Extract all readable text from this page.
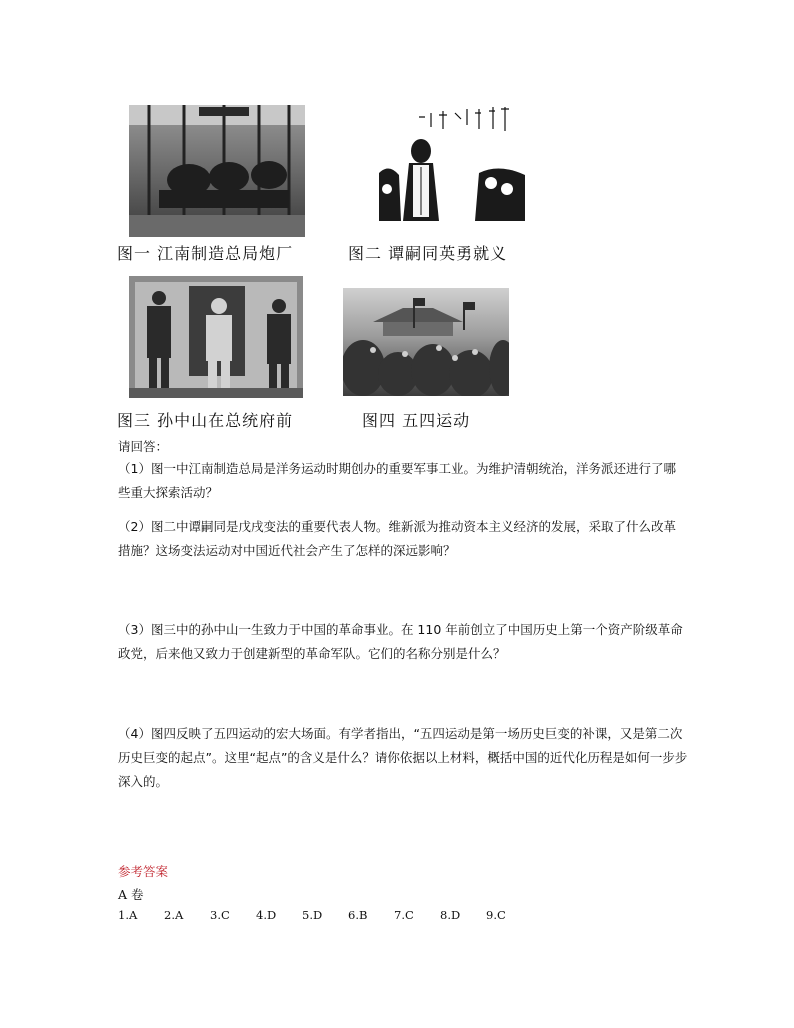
图一 江南制造总局炮厂	图二 谭嗣同英勇就义
图三 孙中山在总统府前	图四 五四运动
请回答：
（1）图一中江南制造总局是洋务运动时期创办的重要军事工业。为维护清朝统治，洋务派还进行了哪些重大探索活动？
（2）图二中谭嗣同是戊戌变法的重要代表人物。维新派为推动资本主义经济的发展，采取了什么改革措施？这场变法运动对中国近代社会产生了怎样的深远影响？
（3）图三中的孙中山一生致力于中国的革命事业。在 110 年前创立了中国历史上第一个资产阶级革命政党，后来他又致力于创建新型的革命军队。它们的名称分别是什么？
（4）图四反映了五四运动的宏大场面。有学者指出，“五四运动是第一场历史巨变的补课，又是第二次历史巨变的起点”。这里“起点”的含义是什么？请你依据以上材料，概括中国的近代化历程是如何一步步深入的。
参考答案
A 卷
1.A 2.A 3.C 4.D 5.D 6.B 7.C 8.D 9.C
